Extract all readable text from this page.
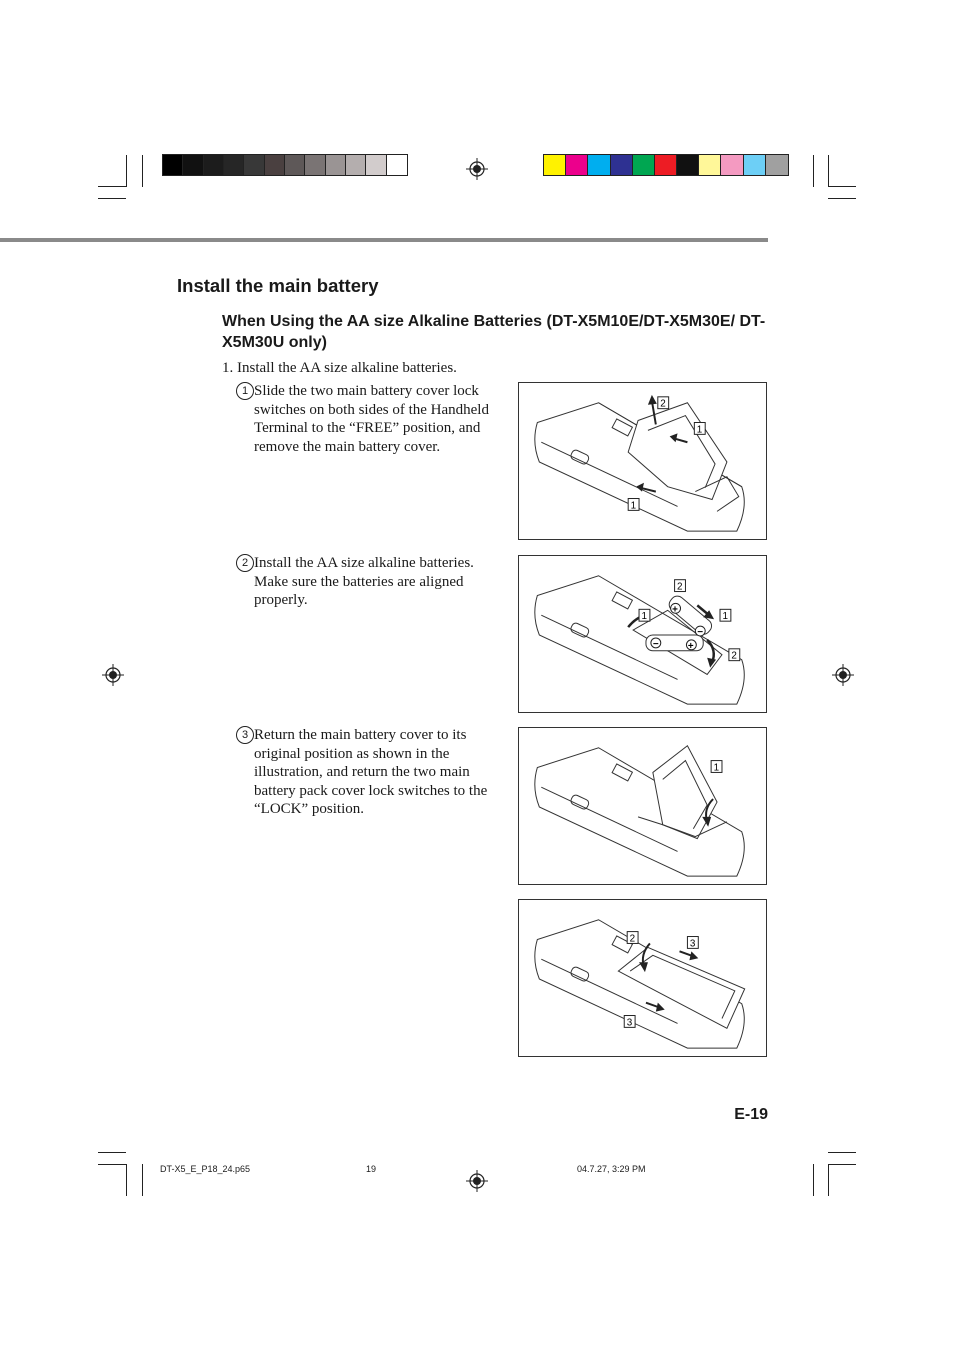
Install the main battery
When Using the AA size Alkaline Batteries (DT-X5M10E/DT-X5M30E/ DT-X5M30U only)
1. Install the AA size alkaline batteries.
1 Slide the two main battery cover lock switches on both sides of the Handheld Terminal to the “FREE” position, and remove the main battery cover.
2 Install the AA size alkaline batteries. Make sure the batteries are aligned properly.
3 Return the main battery cover to its original position as shown in the illustration, and return the two main battery pack cover lock switches to the “LOCK” position.
2
1
1
+
−
−	+
2
1	1
2
1
2	3
3
E-19
DT-X5_E_P18_24.p65	19	04.7.27, 3:29 PM
